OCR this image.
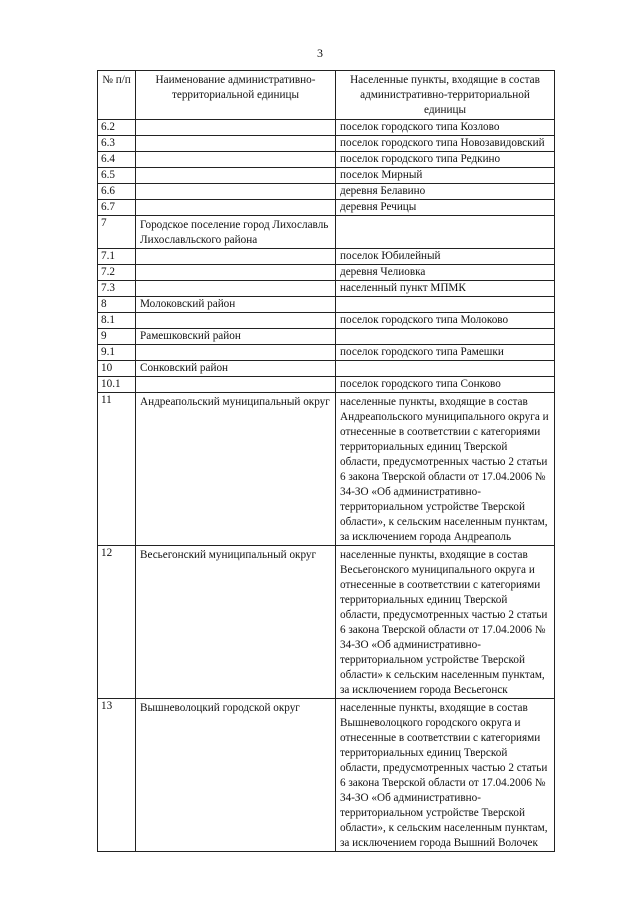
3
№ п/п	Наименование административно-территориальной единицы	Населенные пункты, входящие в состав административно-территориальной единицы
6.2		поселок городского типа Козлово
6.3		поселок городского типа Новозавидовский
6.4		поселок городского типа Редкино
6.5		поселок Мирный
6.6		деревня Белавино
6.7		деревня Речицы
7	Городское поселение город Лихославль Лихославльского района	
7.1		поселок Юбилейный
7.2		деревня Челиовка
7.3		населенный пункт МПМК
8	Молоковский район	
8.1		поселок городского типа Молоково
9	Рамешковский район	
9.1		поселок городского типа Рамешки
10	Сонковский район	
10.1		поселок городского типа Сонково
11	Андреапольский муниципальный округ	населенные пункты, входящие в состав Андреапольского муниципального округа и отнесенные в соответствии с категориями территориальных единиц Тверской области, предусмотренных частью 2 статьи 6 закона Тверской области от 17.04.2006 № 34-ЗО «Об административно-территориальном устройстве Тверской области», к сельским населенным пунктам, за исключением города Андреаполь
12	Весьегонский муниципальный округ	населенные пункты, входящие в состав Весьегонского муниципального округа и отнесенные в соответствии с категориями территориальных единиц Тверской области, предусмотренных частью 2 статьи 6 закона Тверской области от 17.04.2006 № 34-ЗО «Об административно-территориальном устройстве Тверской области» к сельским населенным пунктам, за исключением города Весьегонск
13	Вышневолоцкий городской округ	населенные пункты, входящие в состав Вышневолоцкого городского округа и отнесенные в соответствии с категориями территориальных единиц Тверской области, предусмотренных частью 2 статьи 6 закона Тверской области от 17.04.2006 № 34-ЗО «Об административно-территориальном устройстве Тверской области», к сельским населенным пунктам, за исключением города Вышний Волочек
